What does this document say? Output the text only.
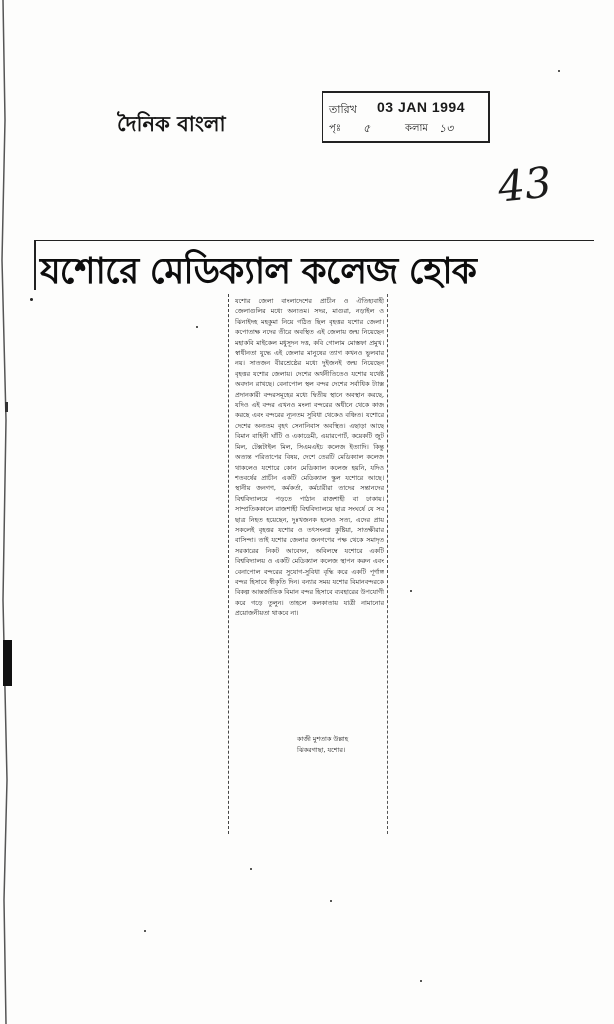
দৈনিক বাংলা
তারিখ 03 JAN 1994
পৃঃ ৫	কলাম ১৩
43
যশোরে মেডিক্যাল কলেজ হোক
যশোর জেলা বাংলাদেশের প্রাচীন ও ঐতিহ্যবাহী জেলাগুলির মধ্যে অন্যতম। সদর, মাগুরা, নড়াইল ও ঝিনাইদহ মহকুমা নিয়ে গঠিত ছিল বৃহত্তর যশোর জেলা। কপোতাক্ষ নদের তীরে অবস্থিত এই জেলায় জন্ম নিয়েছেন মহাকবি মাইকেল মধুসূদন দত্ত, কবি গোলাম মোস্তফা প্রমুখ। স্বাধীনতা যুদ্ধে এই জেলার মানুষের ত্যাগ কখনও ভুলবার নয়। সাতজন বীরশ্রেষ্ঠের মধ্যে দুইজনই জন্ম নিয়েছেন বৃহত্তর যশোর জেলায়। দেশের অর্থনীতিতেও যশোর যথেষ্ট অবদান রাখছে। বেনাপোল স্থল বন্দর দেশের সর্বাধিক ট্যাক্স প্রদানকারী বন্দরসমূহের মধ্যে দ্বিতীয় স্থানে অবস্থান করছে, যদিও এই বন্দর এখনও মংলা বন্দরের অধীনে থেকে কাজ করছে এবং বন্দরের ন্যূনতম সুবিধা থেকেও বঞ্চিত। যশোরে দেশের অন্যতম বৃহৎ সেনানিবাস অবস্থিত। এছাড়া আছে বিমান বাহিনী ঘাঁটি ও একাডেমী, এয়ারপোর্ট, কয়েকটি জুট মিল, টেক্সটাইল মিল, সিএমএইচ কলেজ ইত্যাদি। কিন্তু অত্যন্ত পরিতাপের বিষয়, দেশে তেরটি মেডিক্যাল কলেজ থাকলেও যশোরে কোন মেডিক্যাল কলেজ হয়নি, যদিও শতবর্ষের প্রাচীন একটি মেডিক্যাল স্কুল যশোরে আছে। স্থানীয় জনগণ, কর্মকর্তা, কর্মচারীরা তাদের সন্তানদের বিশ্ববিদ্যালয়ে পড়তে পাঠান রাজশাহী বা ঢাকায়। সাম্প্রতিককালে রাজশাহী বিশ্ববিদ্যালয়ে ছাত্র সংঘর্ষে যে সব ছাত্র নিহত হয়েছেন, দুঃখজনক হলেও সত্য, এদের প্রায় সকলেই বৃহত্তর যশোর ও তৎসংলগ্ন কুষ্টিয়া, সাতক্ষীরার বাসিন্দা। তাই যশোর জেলার জনগণের পক্ষ থেকে সমাদৃত সরকারের নিকট আবেদন, অবিলম্বে যশোরে একটি বিশ্ববিদ্যালয় ও একটি মেডিক্যাল কলেজ স্থাপন করুন এবং বেনাপোল বন্দরের সুযোগ-সুবিধা বৃদ্ধি করে একটি পূর্ণাঙ্গ বন্দর হিসাবে স্বীকৃতি দিন। বন্যার সময় যশোর বিমানবন্দরকে বিকল্প আন্তর্জাতিক বিমান বন্দর হিসাবে ব্যবহারের উপযোগী করে গড়ে তুলুন। তাহলে কলকাতায় যাত্রী নামানোর প্রয়োজনীয়তা থাকবে না।
কাজী মুশতাক উল্লাহ
ঝিকরগাছা, যশোর।
